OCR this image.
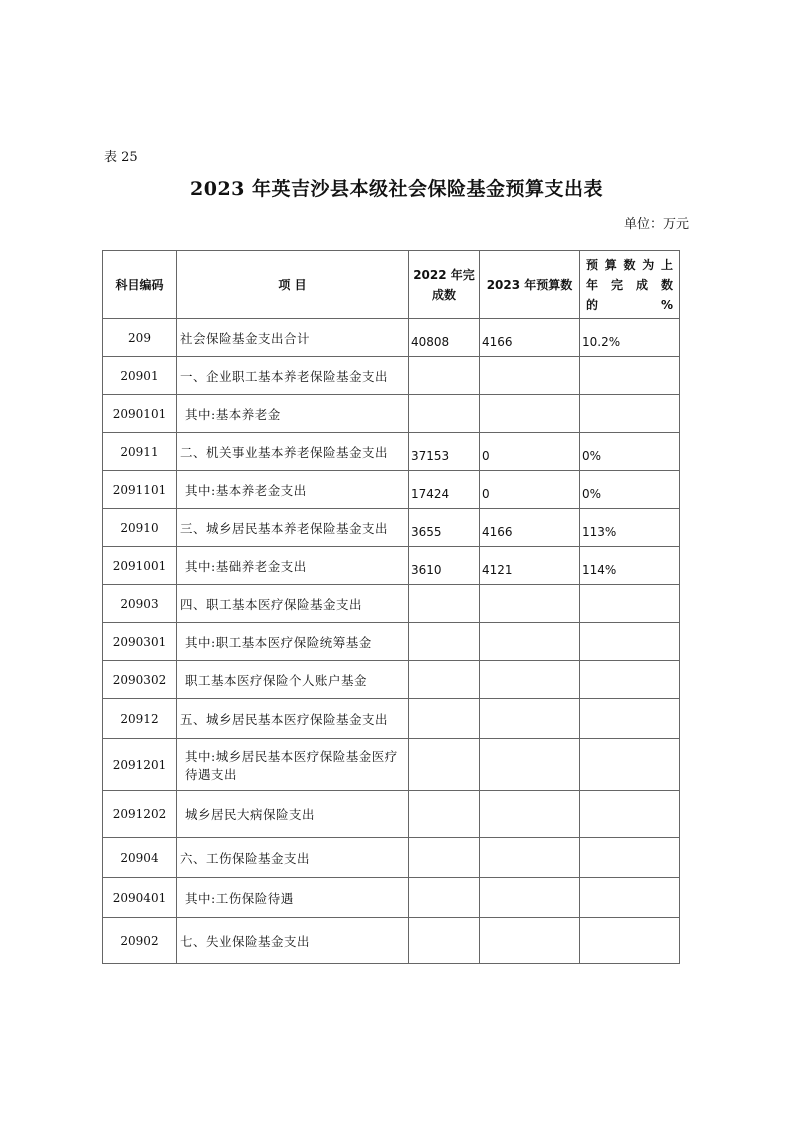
表 25
2023 年英吉沙县本级社会保险基金预算支出表
单位：万元
科目编码	项 目	2022 年完成数	2023 年预算数	预 算 数 为 上 年 完 成 数 的%
209	社会保险基金支出合计	40808	4166	10.2%
20901	一、企业职工基本养老保险基金支出			
2090101	其中:基本养老金			
20911	二、机关事业基本养老保险基金支出	37153	0	0%
2091101	其中:基本养老金支出	17424	0	0%
20910	三、城乡居民基本养老保险基金支出	3655	4166	113%
2091001	其中:基础养老金支出	3610	4121	114%
20903	四、职工基本医疗保险基金支出			
2090301	其中:职工基本医疗保险统筹基金			
2090302	职工基本医疗保险个人账户基金			
20912	五、城乡居民基本医疗保险基金支出			
2091201	其中:城乡居民基本医疗保险基金医疗 待遇支出			
2091202	城乡居民大病保险支出			
20904	六、工伤保险基金支出			
2090401	其中:工伤保险待遇			
20902	七、失业保险基金支出			
